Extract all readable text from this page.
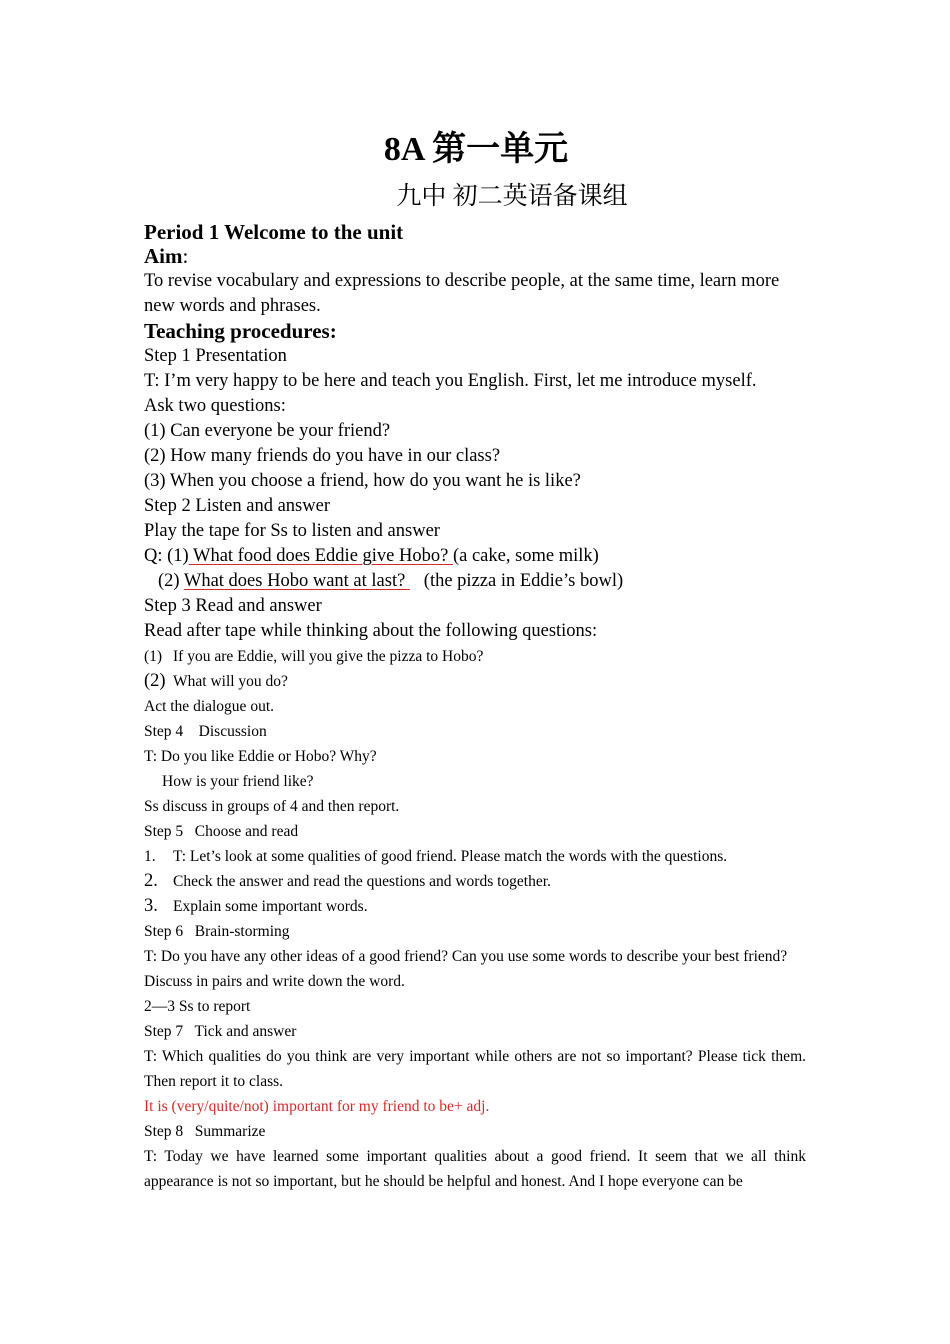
8A 第一单元
九中 初二英语备课组
Period 1 Welcome to the unit
Aim:

To revise vocabulary and expressions to describe people, at the same time, learn more new words and phrases.

Teaching procedures:

Step 1 Presentation

T: I’m very happy to be here and teach you English. First, let me introduce myself.

Ask two questions:

(1) Can everyone be your friend?

(2) How many friends do you have in our class?

(3) When you choose a friend, how do you want he is like?

Step 2 Listen and answer

Play the tape for Ss to listen and answer

Q: (1) What food does Eddie give Hobo? (a cake, some milk)

(2) What does Hobo want at last?    (the pizza in Eddie’s bowl)

Step 3 Read and answer

Read after tape while thinking about the following questions:

(1) If you are Eddie, will you give the pizza to Hobo?

(2) What will you do?

Act the dialogue out.

Step 4    Discussion

T: Do you like Eddie or Hobo? Why?

How is your friend like?

Ss discuss in groups of 4 and then report.

Step 5   Choose and read

1. T: Let’s look at some qualities of good friend. Please match the words with the questions.

2. Check the answer and read the questions and words together.

3. Explain some important words.

Step 6   Brain-storming

T: Do you have any other ideas of a good friend? Can you use some words to describe your best friend?

Discuss in pairs and write down the word.

2—3 Ss to report

Step 7   Tick and answer

T: Which qualities do you think are very important while others are not so important? Please tick them. Then report it to class.

It is (very/quite/not) important for my friend to be+ adj.

Step 8   Summarize

T: Today we have learned some important qualities about a good friend. It seem that we all think appearance is not so important, but he should be helpful and honest. And I hope everyone can be
